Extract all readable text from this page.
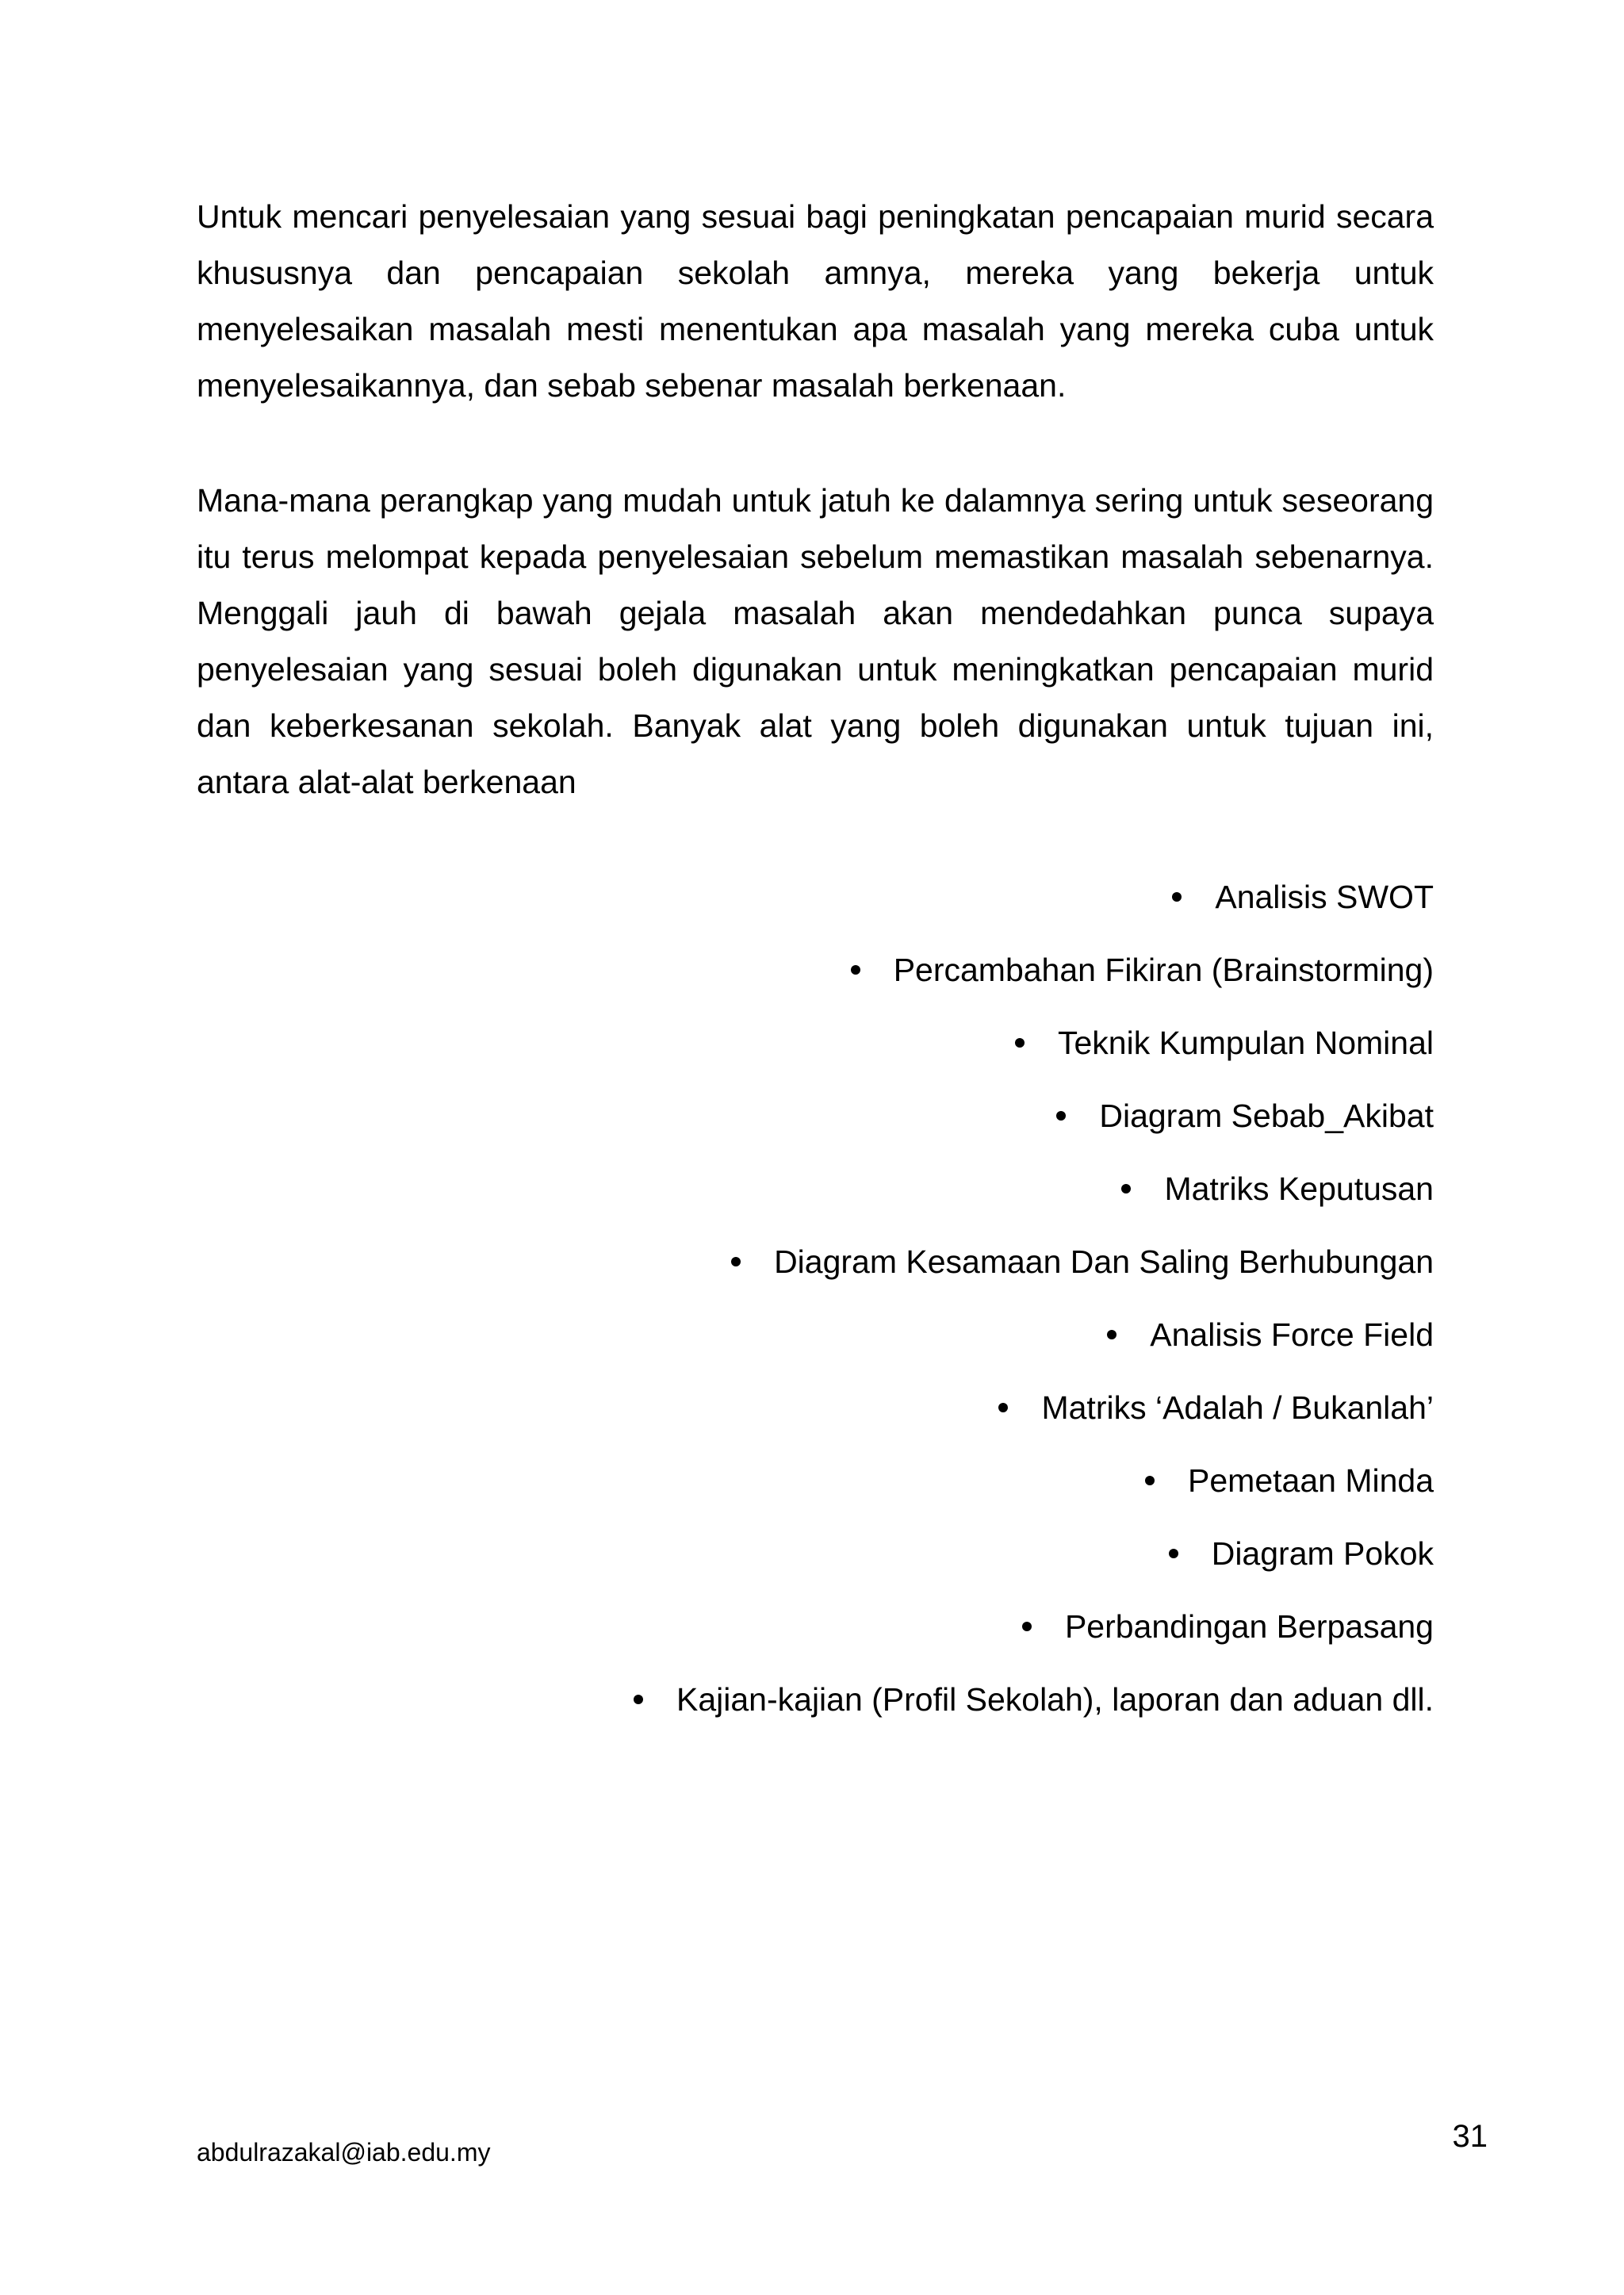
Untuk mencari penyelesaian yang sesuai bagi peningkatan pencapaian murid secara khususnya dan pencapaian sekolah amnya, mereka yang bekerja untuk menyelesaikan masalah mesti menentukan apa masalah yang mereka cuba untuk menyelesaikannya, dan sebab sebenar masalah berkenaan.

Mana-mana perangkap yang mudah untuk jatuh ke dalamnya sering untuk seseorang itu terus melompat kepada penyelesaian sebelum memastikan masalah sebenarnya. Menggali jauh di bawah gejala masalah akan mendedahkan punca supaya penyelesaian yang sesuai boleh digunakan untuk meningkatkan pencapaian murid dan keberkesanan sekolah. Banyak alat yang boleh digunakan untuk tujuan ini, antara alat-alat berkenaan

Analisis SWOT
Percambahan Fikiran (Brainstorming)
Teknik Kumpulan Nominal
Diagram Sebab_Akibat
Matriks Keputusan
Diagram Kesamaan Dan Saling Berhubungan
Analisis Force Field
Matriks ‘Adalah / Bukanlah’
Pemetaan Minda
Diagram Pokok
Perbandingan Berpasang
Kajian-kajian (Profil Sekolah), laporan dan aduan dll.
abdulrazakal@iab.edu.my	31
